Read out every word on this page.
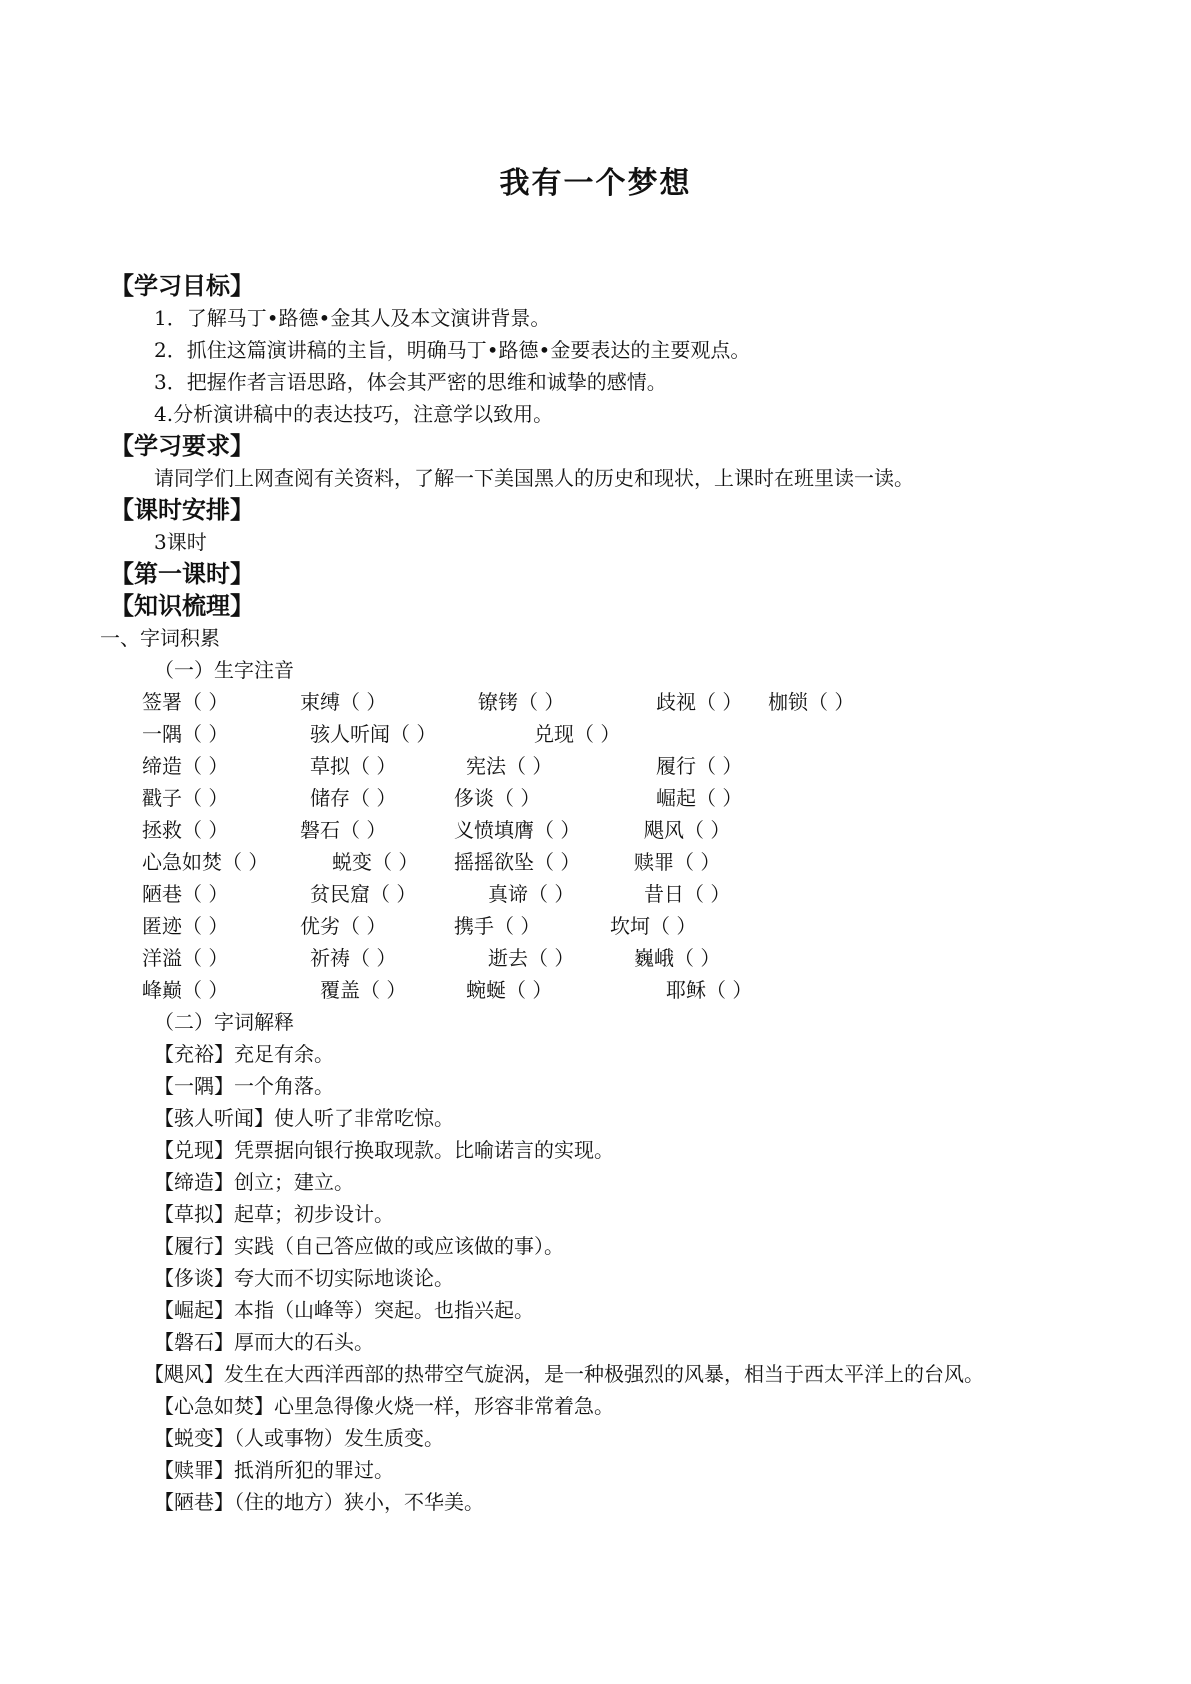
我有一个梦想
【学习目标】
1．了解马丁•路德•金其人及本文演讲背景。
2．抓住这篇演讲稿的主旨，明确马丁•路德•金要表达的主要观点。
3．把握作者言语思路，体会其严密的思维和诚挚的感情。
4.分析演讲稿中的表达技巧，注意学以致用。
【学习要求】
请同学们上网查阅有关资料，了解一下美国黑人的历史和现状，上课时在班里读一读。
【课时安排】
3课时
【第一课时】
【知识梳理】
一、字词积累
（一）生字注音
签署（ ）	束缚（ ）	镣铐（ ）	歧视（ ） 枷锁（ ）
一隅（ ）	骇人听闻（ ）	兑现（ ）
缔造（ ）	草拟（ ）	宪法（ ）	履行（ ）
戳子（ ）	储存（ ）	侈谈（ ）	崛起（ ）
拯救（ ）	磐石（ ）	义愤填膺（ ）	飓风（ ）
心急如焚（ ）	蜕变（ ） 摇摇欲坠（ ）	赎罪（ ）
陋巷（ ）	贫民窟（ ）	真谛（ ）	昔日（ ）
匿迹（ ）	优劣（ ）	携手（ ）	坎坷（ ）
洋溢（ ）	祈祷（ ）	逝去（ ）	巍峨（ ）
峰巅（ ）	覆盖（ ）	蜿蜒（ ）	耶稣（ ）
（二）字词解释
【充裕】充足有余。
【一隅】一个角落。
【骇人听闻】使人听了非常吃惊。
【兑现】凭票据向银行换取现款。比喻诺言的实现。
【缔造】创立；建立。
【草拟】起草；初步设计。
【履行】实践（自己答应做的或应该做的事）。
【侈谈】夸大而不切实际地谈论。
【崛起】本指（山峰等）突起。也指兴起。
【磐石】厚而大的石头。
【飓风】发生在大西洋西部的热带空气旋涡，是一种极强烈的风暴，相当于西太平洋上的台风。
【心急如焚】心里急得像火烧一样，形容非常着急。
【蜕变】（人或事物）发生质变。
【赎罪】抵消所犯的罪过。
【陋巷】（住的地方）狭小，不华美。
